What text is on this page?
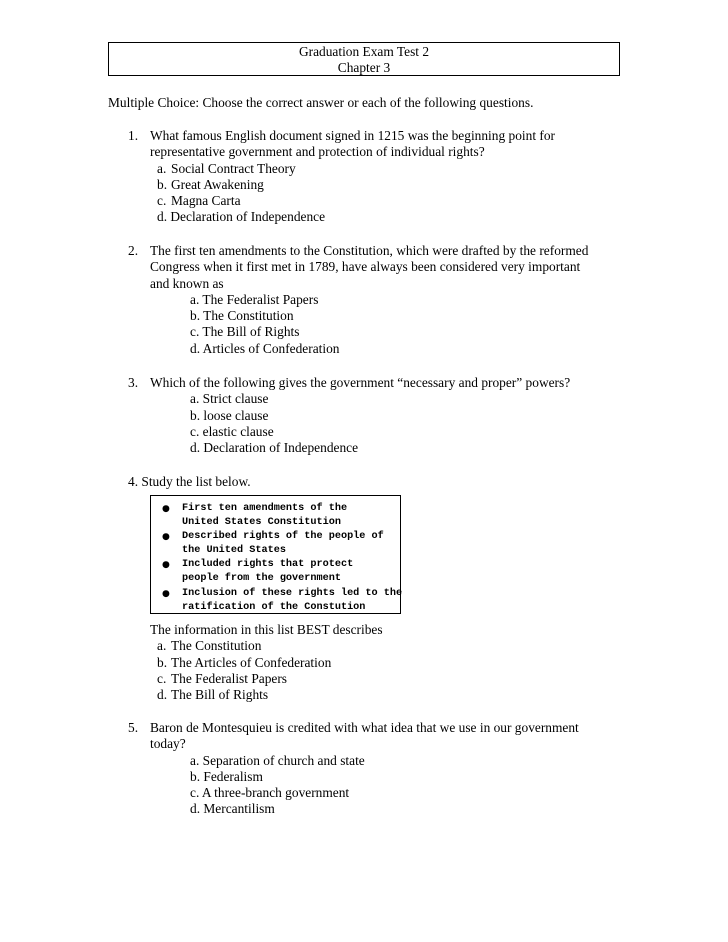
Graduation Exam Test 2
Chapter 3
Multiple Choice: Choose the correct answer or each of the following questions.
1. What famous English document signed in 1215 was the beginning point for
representative government and protection of individual rights?
a. Social Contract Theory
b. Great Awakening
c. Magna Carta
d. Declaration of Independence
2. The first ten amendments to the Constitution, which were drafted by the reformed
Congress when it first met in 1789, have always been considered very important
and known as
a. The Federalist Papers
b. The Constitution
c. The Bill of Rights
d. Articles of Confederation
3. Which of the following gives the government “necessary and proper” powers?
a. Strict clause
b. loose clause
c. elastic clause
d. Declaration of Independence
4. Study the list below.
● First ten amendments of the
United States Constitution
● Described rights of the people of
the United States
● Included rights that protect
people from the government
● Inclusion of these rights led to the
ratification of the Constution
The information in this list BEST describes
a. The Constitution
b. The Articles of Confederation
c. The Federalist Papers
d. The Bill of Rights
5. Baron de Montesquieu is credited with what idea that we use in our government
today?
a. Separation of church and state
b. Federalism
c. A three-branch government
d. Mercantilism
